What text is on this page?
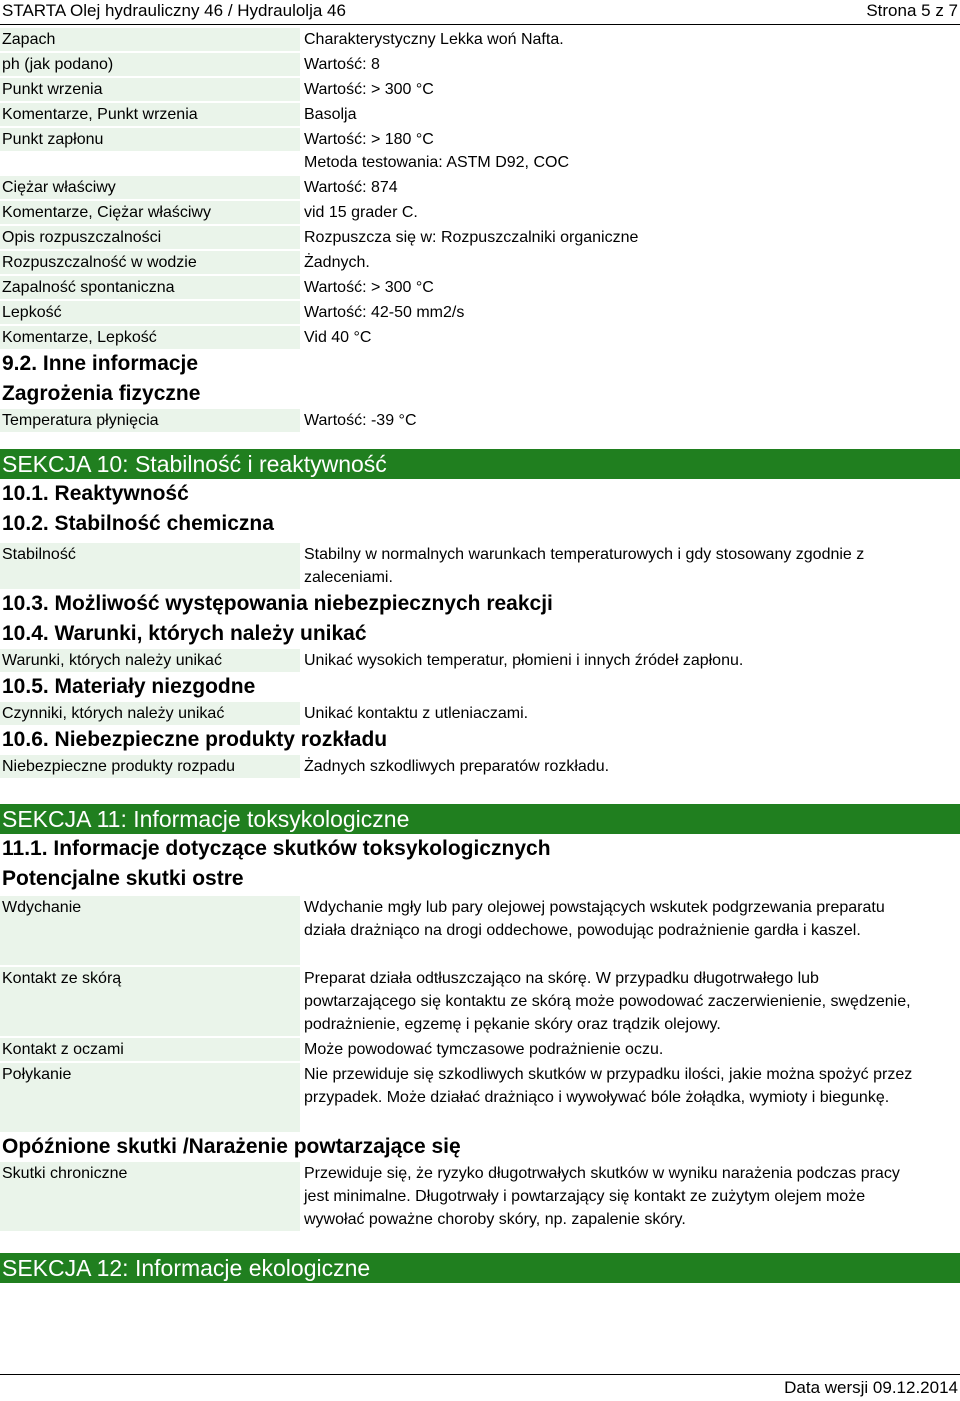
STARTA Olej hydrauliczny 46 / Hydraulolja 46	Strona 5 z 7
Zapach	Charakterystyczny Lekka woń Nafta.
ph (jak podano)	Wartość: 8
Punkt wrzenia	Wartość: > 300 °C
Komentarze, Punkt wrzenia	Basolja
Punkt zapłonu	Wartość: > 180 °C
Metoda testowania: ASTM D92, COC
Ciężar właściwy	Wartość: 874
Komentarze, Ciężar właściwy	vid 15 grader C.
Opis rozpuszczalności	Rozpuszcza się w: Rozpuszczalniki organiczne
Rozpuszczalność w wodzie	Żadnych.
Zapalność spontaniczna	Wartość: > 300 °C
Lepkość	Wartość: 42-50 mm2/s
Komentarze, Lepkość	Vid 40 °C
9.2. Inne informacje
Zagrożenia fizyczne
Temperatura płynięcia	Wartość: -39 °C
SEKCJA 10: Stabilność i reaktywność
10.1. Reaktywność
10.2. Stabilność chemiczna
Stabilność	Stabilny w normalnych warunkach temperaturowych i gdy stosowany zgodnie z zaleceniami.
10.3. Możliwość występowania niebezpiecznych reakcji
10.4. Warunki, których należy unikać
Warunki, których należy unikać	Unikać wysokich temperatur, płomieni i innych źródeł zapłonu.
10.5. Materiały niezgodne
Czynniki, których należy unikać	Unikać kontaktu z utleniaczami.
10.6. Niebezpieczne produkty rozkładu
Niebezpieczne produkty rozpadu	Żadnych szkodliwych preparatów rozkładu.
SEKCJA 11: Informacje toksykologiczne
11.1. Informacje dotyczące skutków toksykologicznych
Potencjalne skutki ostre
Wdychanie	Wdychanie mgły lub pary olejowej powstających wskutek podgrzewania preparatu działa drażniąco na drogi oddechowe, powodując podrażnienie gardła i kaszel.
Kontakt ze skórą	Preparat działa odtłuszczająco na skórę. W przypadku długotrwałego lub powtarzającego się kontaktu ze skórą może powodować zaczerwienienie, swędzenie, podrażnienie, egzemę i pękanie skóry oraz trądzik olejowy.
Kontakt z oczami	Może powodować tymczasowe podrażnienie oczu.
Połykanie	Nie przewiduje się szkodliwych skutków w przypadku ilości, jakie można spożyć przez przypadek. Może działać drażniąco i wywoływać bóle żołądka, wymioty i biegunkę.
Opóźnione skutki /Narażenie powtarzające się
Skutki chroniczne	Przewiduje się, że ryzyko długotrwałych skutków w wyniku narażenia podczas pracy jest minimalne. Długotrwały i powtarzający się kontakt ze zużytym olejem może wywołać poważne choroby skóry, np. zapalenie skóry.
SEKCJA 12: Informacje ekologiczne
Data wersji 09.12.2014
